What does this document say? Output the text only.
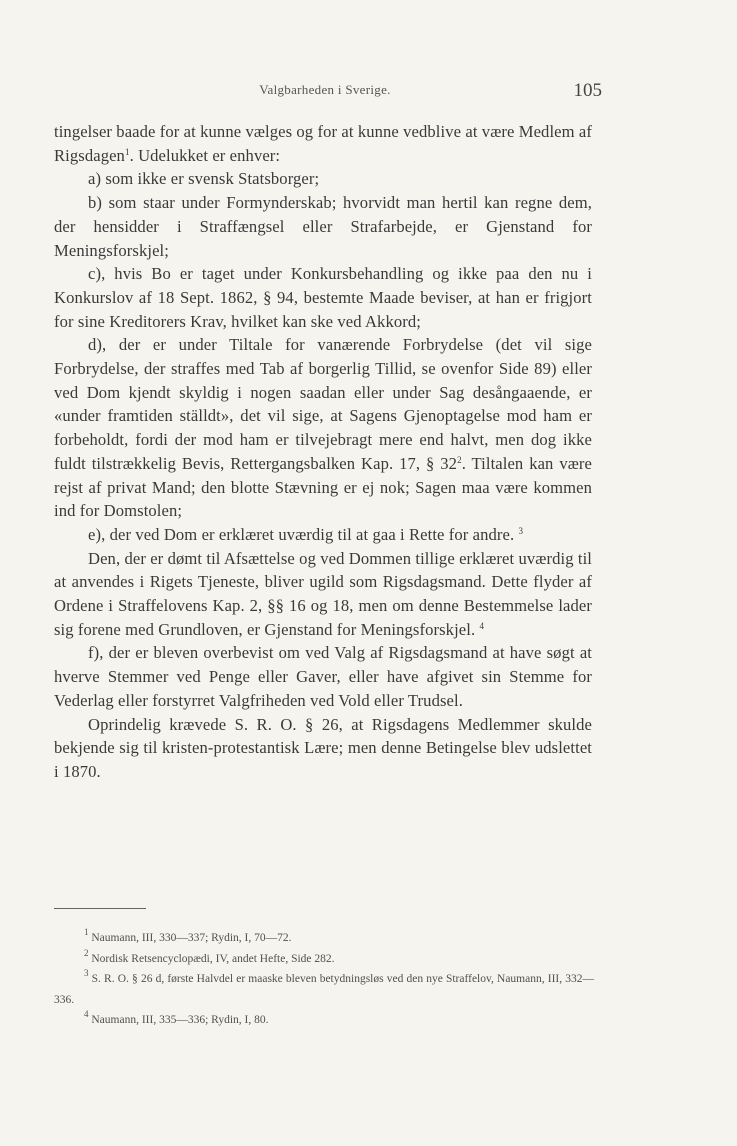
Valgbarheden i Sverige.	105

tingelser baade for at kunne vælges og for at kunne vedblive at være Medlem af Rigsdagen$^1$. Udelukket er enhver:

a) som ikke er svensk Statsborger;

b) som staar under Formynderskab; hvorvidt man hertil kan regne dem, der hensidder i Straffængsel eller Strafarbejde, er Gjenstand for Meningsforskjel;

c), hvis Bo er taget under Konkursbehandling og ikke paa den nu i Konkurslov af 18 Sept. 1862, § 94, bestemte Maade beviser, at han er frigjort for sine Kreditorers Krav, hvilket kan ske ved Akkord;

d), der er under Tiltale for vanærende Forbrydelse (det vil sige Forbrydelse, der straffes med Tab af borgerlig Tillid, se ovenfor Side 89) eller ved Dom kjendt skyldig i nogen saadan eller under Sag desångaaende, er «under framtiden ställdt», det vil sige, at Sagens Gjenoptagelse mod ham er forbeholdt, fordi der mod ham er tilvejebragt mere end halvt, men dog ikke fuldt tilstrækkelig Bevis, Rettergangsbalken Kap. 17, § $32^2$. Tiltalen kan være rejst af privat Mand; den blotte Stævning er ej nok; Sagen maa være kommen ind for Domstolen;

e), der ved Dom er erklæret uværdig til at gaa i Rette for andre. $^3$

Den, der er dømt til Afsættelse og ved Dommen tillige erklæret uværdig til at anvendes i Rigets Tjeneste, bliver ugild som Rigsdagsmand. Dette flyder af Ordene i Straffelovens Kap. 2, §§ 16 og 18, men om denne Bestemmelse lader sig forene med Grundloven, er Gjenstand for Meningsforskjel. $^4$

f), der er bleven overbevist om ved Valg af Rigsdagsmand at have søgt at hverve Stemmer ved Penge eller Gaver, eller have afgivet sin Stemme for Vederlag eller forstyrret Valgfriheden ved Vold eller Trudsel.

Oprindelig krævede S. R. O. § 26, at Rigsdagens Medlemmer skulde bekjende sig til kristen-protestantisk Lære; men denne Betingelse blev udslettet i 1870.

$^1$ Naumann, III, 330—337; Rydin, I, 70—72.

$^2$ Nordisk Retsencyclopædi, IV, andet Hefte, Side 282.

$^3$ S. R. O. § 26 d, første Halvdel er maaske bleven betydningsløs ved den nye Straffelov, Naumann, III, 332—336.

$^4$ Naumann, III, 335—336; Rydin, I, 80.
